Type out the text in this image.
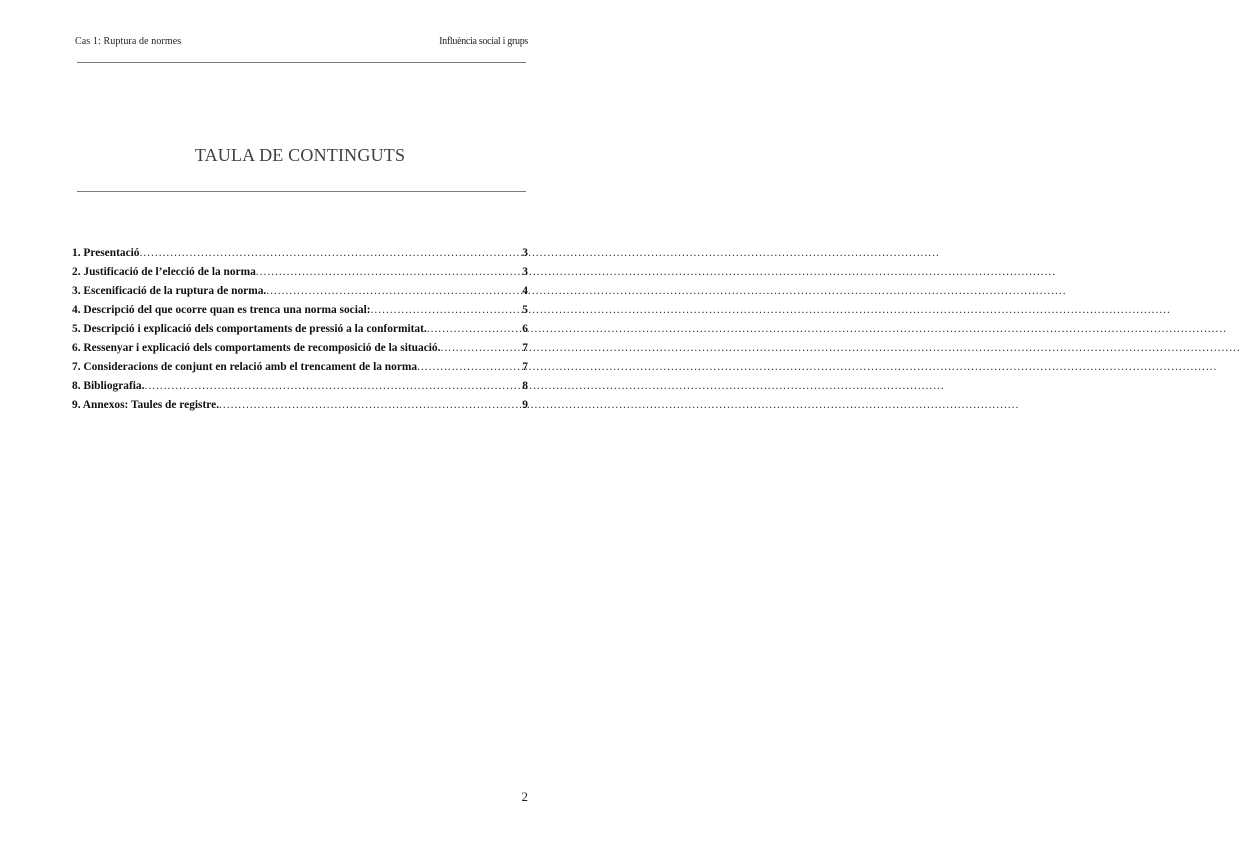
Cas 1: Ruptura de normes	Influència social i grups
TAULA DE CONTINGUTS
1. Presentació .....	3
2. Justificació de l’elecció de la norma .....	3
3. Escenificació de la ruptura de norma. .....	4
4. Descripció del que ocorre quan es trenca una norma social: .....	5
5. Descripció i explicació dels comportaments de pressió a la conformitat. .....	6
6. Ressenyar i explicació dels comportaments de recomposició de la situació. .....	7
7. Consideracions de conjunt en relació amb el trencament de la norma .....	7
8. Bibliografia. .....	8
9. Annexos: Taules de registre. .....	9
2
